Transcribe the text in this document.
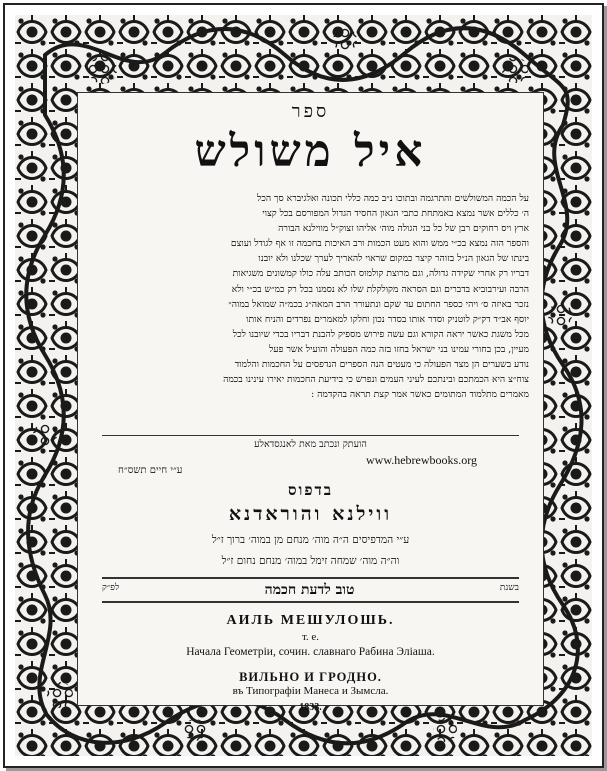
ספר
איל משולש

על הכמה המשולשים והתרגמה ובתוכו נ״ב כמה כללי תכונה ואלגיברא סך הכל

ה׳ כללים אשר נמצא באמתחת כתבי הגאון החסיד הגדול המפורסם בכל קצוי

ארץ ויס רחוקים רבן של כל בני הגולה מוה׳ אליהו זצוק״ל מווילנא הבורה

והספר הזה נמצא בכ״י ממש והוא מעט הכמות ורב האיכות בחכמה זו אף לגודל ועוצם

בינתו של הגאון הנ״ל בזוהר קיצר כמקום שראוי להאריך לערך שכלנו ולא יובנו

דבריו רק אחרי שקידה גדולה, וגם מרוצת קולמוס הכותב עלה כולו קמשונים משגיאות

הרבה ועירבוביא בדברים וגם הסראה מקולקלת שלו לא נסמנו בכל רק כמ״ש בכ״י ולא

נזכר באיזה ס׳ ויהי כספר החתום עד שקם ונתעורר הרב המאה״ג בכמ״ה שמואל במוה״

יוסף אב״ד דק״ק לוטניק וסדר אותו בסדר נכון וחלקו למאמרים נפרדים והניח אותו

מכל משגת כאשר יראה הקורא וגם עשה פירוש מספיק להבנת דבריו בכדי שיובנו לכל

מעיין, בכן בחורי עמינו בני ישראל בחזו בזה כמה הפעולה והועיל אשר פעל

נודע בשערים הן מצד הפעולה כי מעטים הנה הספרים הנדפסים על החכמות והלמוד

צוח״צ היא הכמתכם ובינתכם לעיני העמים ונפרש כי בידיעת החכמות יאירו עינינו בכמה

מאמרים מתלמוד המתומים כאשר אמר קצת תראה בהקדמה :

הועתק ונכתב מאת לאנגסדאלע
www.hebrewbooks.org
ע״י חיים תשס״ח
בדפוס
ווילנא והוראדנא
ע״י המדפיסים ה״ה מוה׳ מנחם מן במוה׳ ברוך ז״ל
וה״ה מוה׳ שמחה זימל במוה׳ מנחם נחום ז״ל
בשנת
טוב לדעת חכמה
לפ״ק
АИЛЬ МЕШУЛОШЬ.
т. е.
Начала Геометріи, сочин. славнаго Рабина Эліаша.
ВИЛЬНО И ГРОДНО.
въ Типографіи Манеса и Зымсла.
1833.
